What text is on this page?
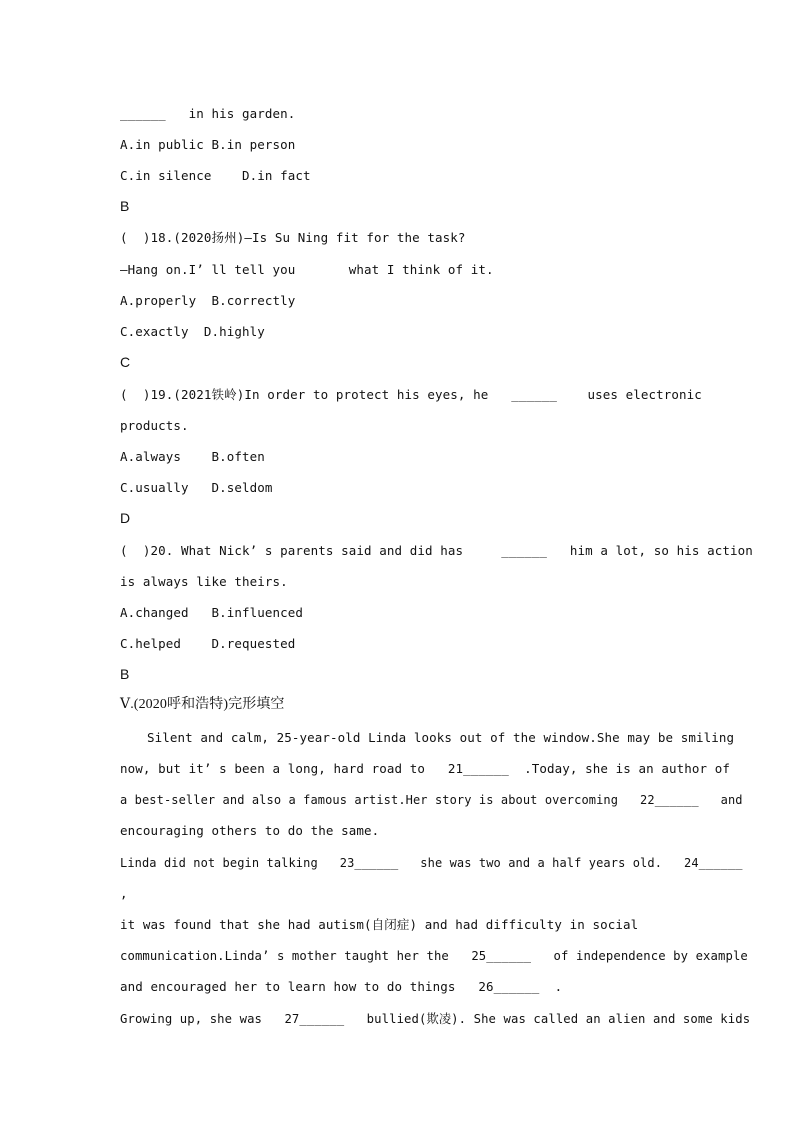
______   in his garden.
A.in public B.in person
C.in silence    D.in fact
B
(  )18.(2020扬州)—Is Su Ning fit for the task?
—Hang on.I’ ll tell you       what I think of it.
A.properly  B.correctly
C.exactly  D.highly
C
(  )19.(2021铁岭)In order to protect his eyes, he   ______    uses electronic
products.
A.always    B.often
C.usually   D.seldom
D
(  )20. What Nick’ s parents said and did has     ______   him a lot, so his action
is always like theirs.
A.changed   B.influenced
C.helped    D.requested
B
Ⅴ.(2020呼和浩特)完形填空
Silent and calm, 25-year-old Linda looks out of the window.She may be smiling
now, but it’ s been a long, hard road to   21______  .Today, she is an author of
a best-seller and also a famous artist.Her story is about overcoming   22______   and
encouraging others to do the same.
Linda did not begin talking   23______   she was two and a half years old.   24______
,
it was found that she had autism(自闭症) and had difficulty in social
communication.Linda’ s mother taught her the   25______   of independence by example
and encouraged her to learn how to do things   26______  .
Growing up, she was   27______   bullied(欺凌). She was called an alien and some kids
